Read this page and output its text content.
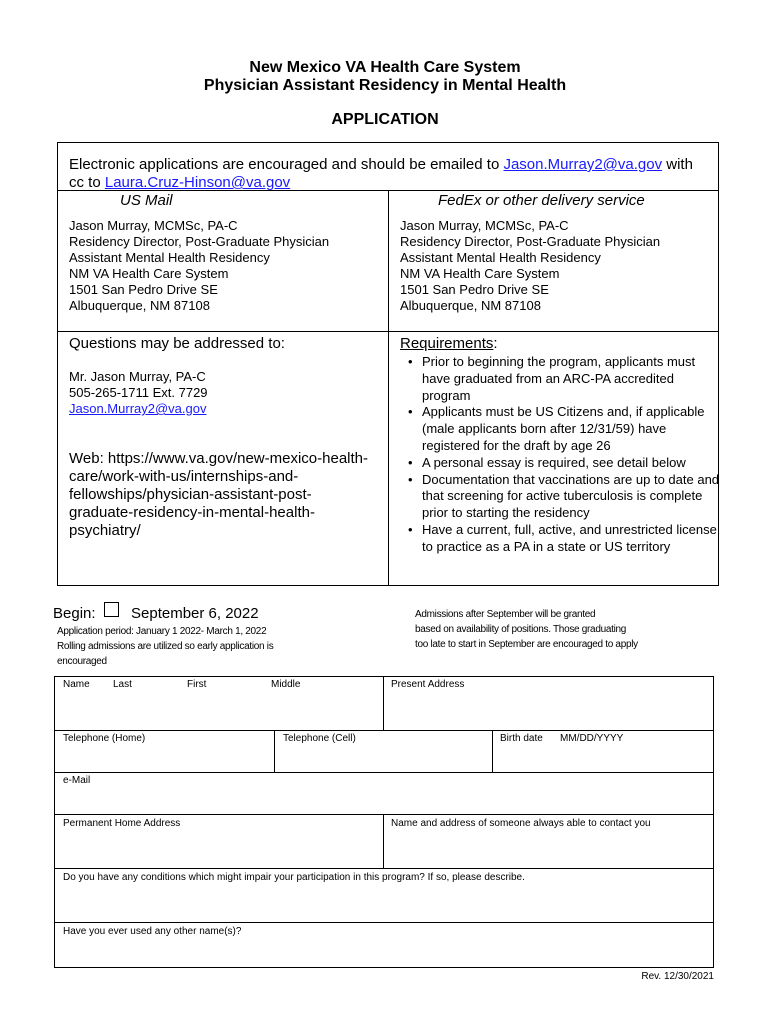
New Mexico VA Health Care System
Physician Assistant Residency in Mental Health
APPLICATION
Electronic applications are encouraged and should be emailed to Jason.Murray2@va.gov with
cc to Laura.Cruz-Hinson@va.gov
US Mail	FedEx or other delivery service
Jason Murray, MCMSc, PA-C
Residency Director, Post-Graduate Physician
Assistant Mental Health Residency
NM VA Health Care System
1501 San Pedro Drive SE
Albuquerque, NM 87108
Jason Murray, MCMSc, PA-C
Residency Director, Post-Graduate Physician
Assistant Mental Health Residency
NM VA Health Care System
1501 San Pedro Drive SE
Albuquerque, NM 87108
Questions may be addressed to:
Mr. Jason Murray, PA-C
505-265-1711 Ext. 7729
Jason.Murray2@va.gov
Web: https://www.va.gov/new-mexico-health-
care/work-with-us/internships-and-
fellowships/physician-assistant-post-
graduate-residency-in-mental-health-
psychiatry/
Requirements:
• Prior to beginning the program, applicants must have graduated from an ARC-PA accredited program
• Applicants must be US Citizens and, if applicable (male applicants born after 12/31/59) have registered for the draft by age 26
• A personal essay is required, see detail below
• Documentation that vaccinations are up to date and that screening for active tuberculosis is complete prior to starting the residency
• Have a current, full, active, and unrestricted license to practice as a PA in a state or US territory
Begin: September 6, 2022
Application period: January 1 2022- March 1, 2022
Rolling admissions are utilized so early application is
encouraged
Admissions after September will be granted
based on availability of positions. Those graduating
too late to start in September are encouraged to apply
Name Last	First	Middle	Present Address
Telephone (Home)	Telephone (Cell)	Birth date MM/DD/YYYY
e-Mail
Permanent Home Address	Name and address of someone always able to contact you
Do you have any conditions which might impair your participation in this program? If so, please describe.
Have you ever used any other name(s)?
Rev. 12/30/2021
